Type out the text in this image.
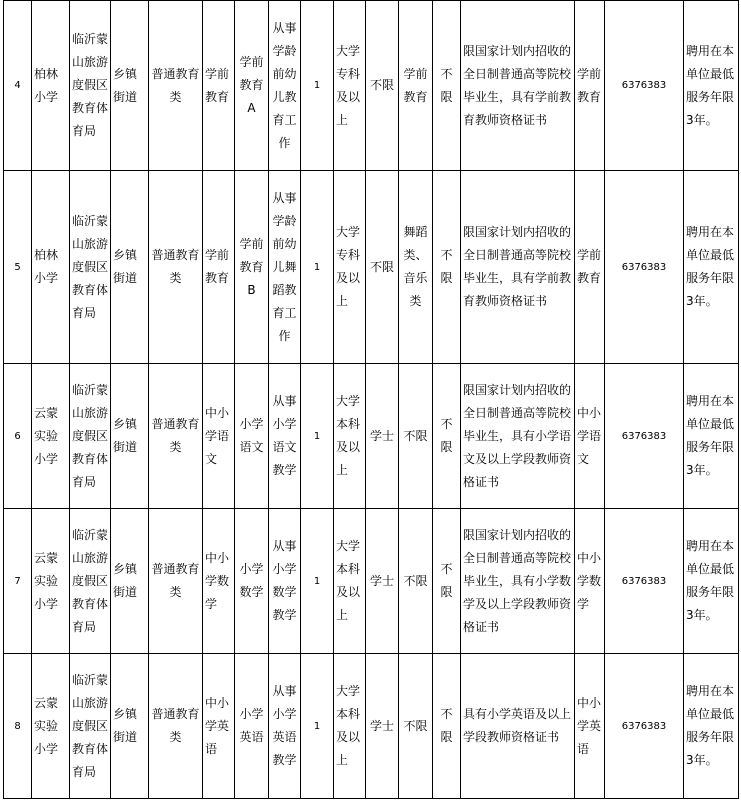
4	柏林小学	临沂蒙山旅游度假区教育体育局	乡镇街道	普通教育类	学前教育	学前教育A	从事学龄前幼儿教育工作	1	大学专科及以上	不限	学前教育	不限	限国家计划内招收的全日制普通高等院校毕业生，具有学前教育教师资格证书	学前教育	6376383	聘用在本单位最低服务年限3年。
5	柏林小学	临沂蒙山旅游度假区教育体育局	乡镇街道	普通教育类	学前教育	学前教育B	从事学龄前幼儿舞蹈教育工作	1	大学专科及以上	不限	舞蹈类、音乐类	不限	限国家计划内招收的全日制普通高等院校毕业生，具有学前教育教师资格证书	学前教育	6376383	聘用在本单位最低服务年限3年。
6	云蒙实验小学	临沂蒙山旅游度假区教育体育局	乡镇街道	普通教育类	中小学语文	小学语文	从事小学语文教学	1	大学本科及以上	学士	不限	不限	限国家计划内招收的全日制普通高等院校毕业生，具有小学语文及以上学段教师资格证书	中小学语文	6376383	聘用在本单位最低服务年限3年。
7	云蒙实验小学	临沂蒙山旅游度假区教育体育局	乡镇街道	普通教育类	中小学数学	小学数学	从事小学数学教学	1	大学本科及以上	学士	不限	不限	限国家计划内招收的全日制普通高等院校毕业生，具有小学数学及以上学段教师资格证书	中小学数学	6376383	聘用在本单位最低服务年限3年。
8	云蒙实验小学	临沂蒙山旅游度假区教育体育局	乡镇街道	普通教育类	中小学英语	小学英语	从事小学英语教学	1	大学本科及以上	学士	不限	不限	具有小学英语及以上学段教师资格证书	中小学英语	6376383	聘用在本单位最低服务年限3年。
